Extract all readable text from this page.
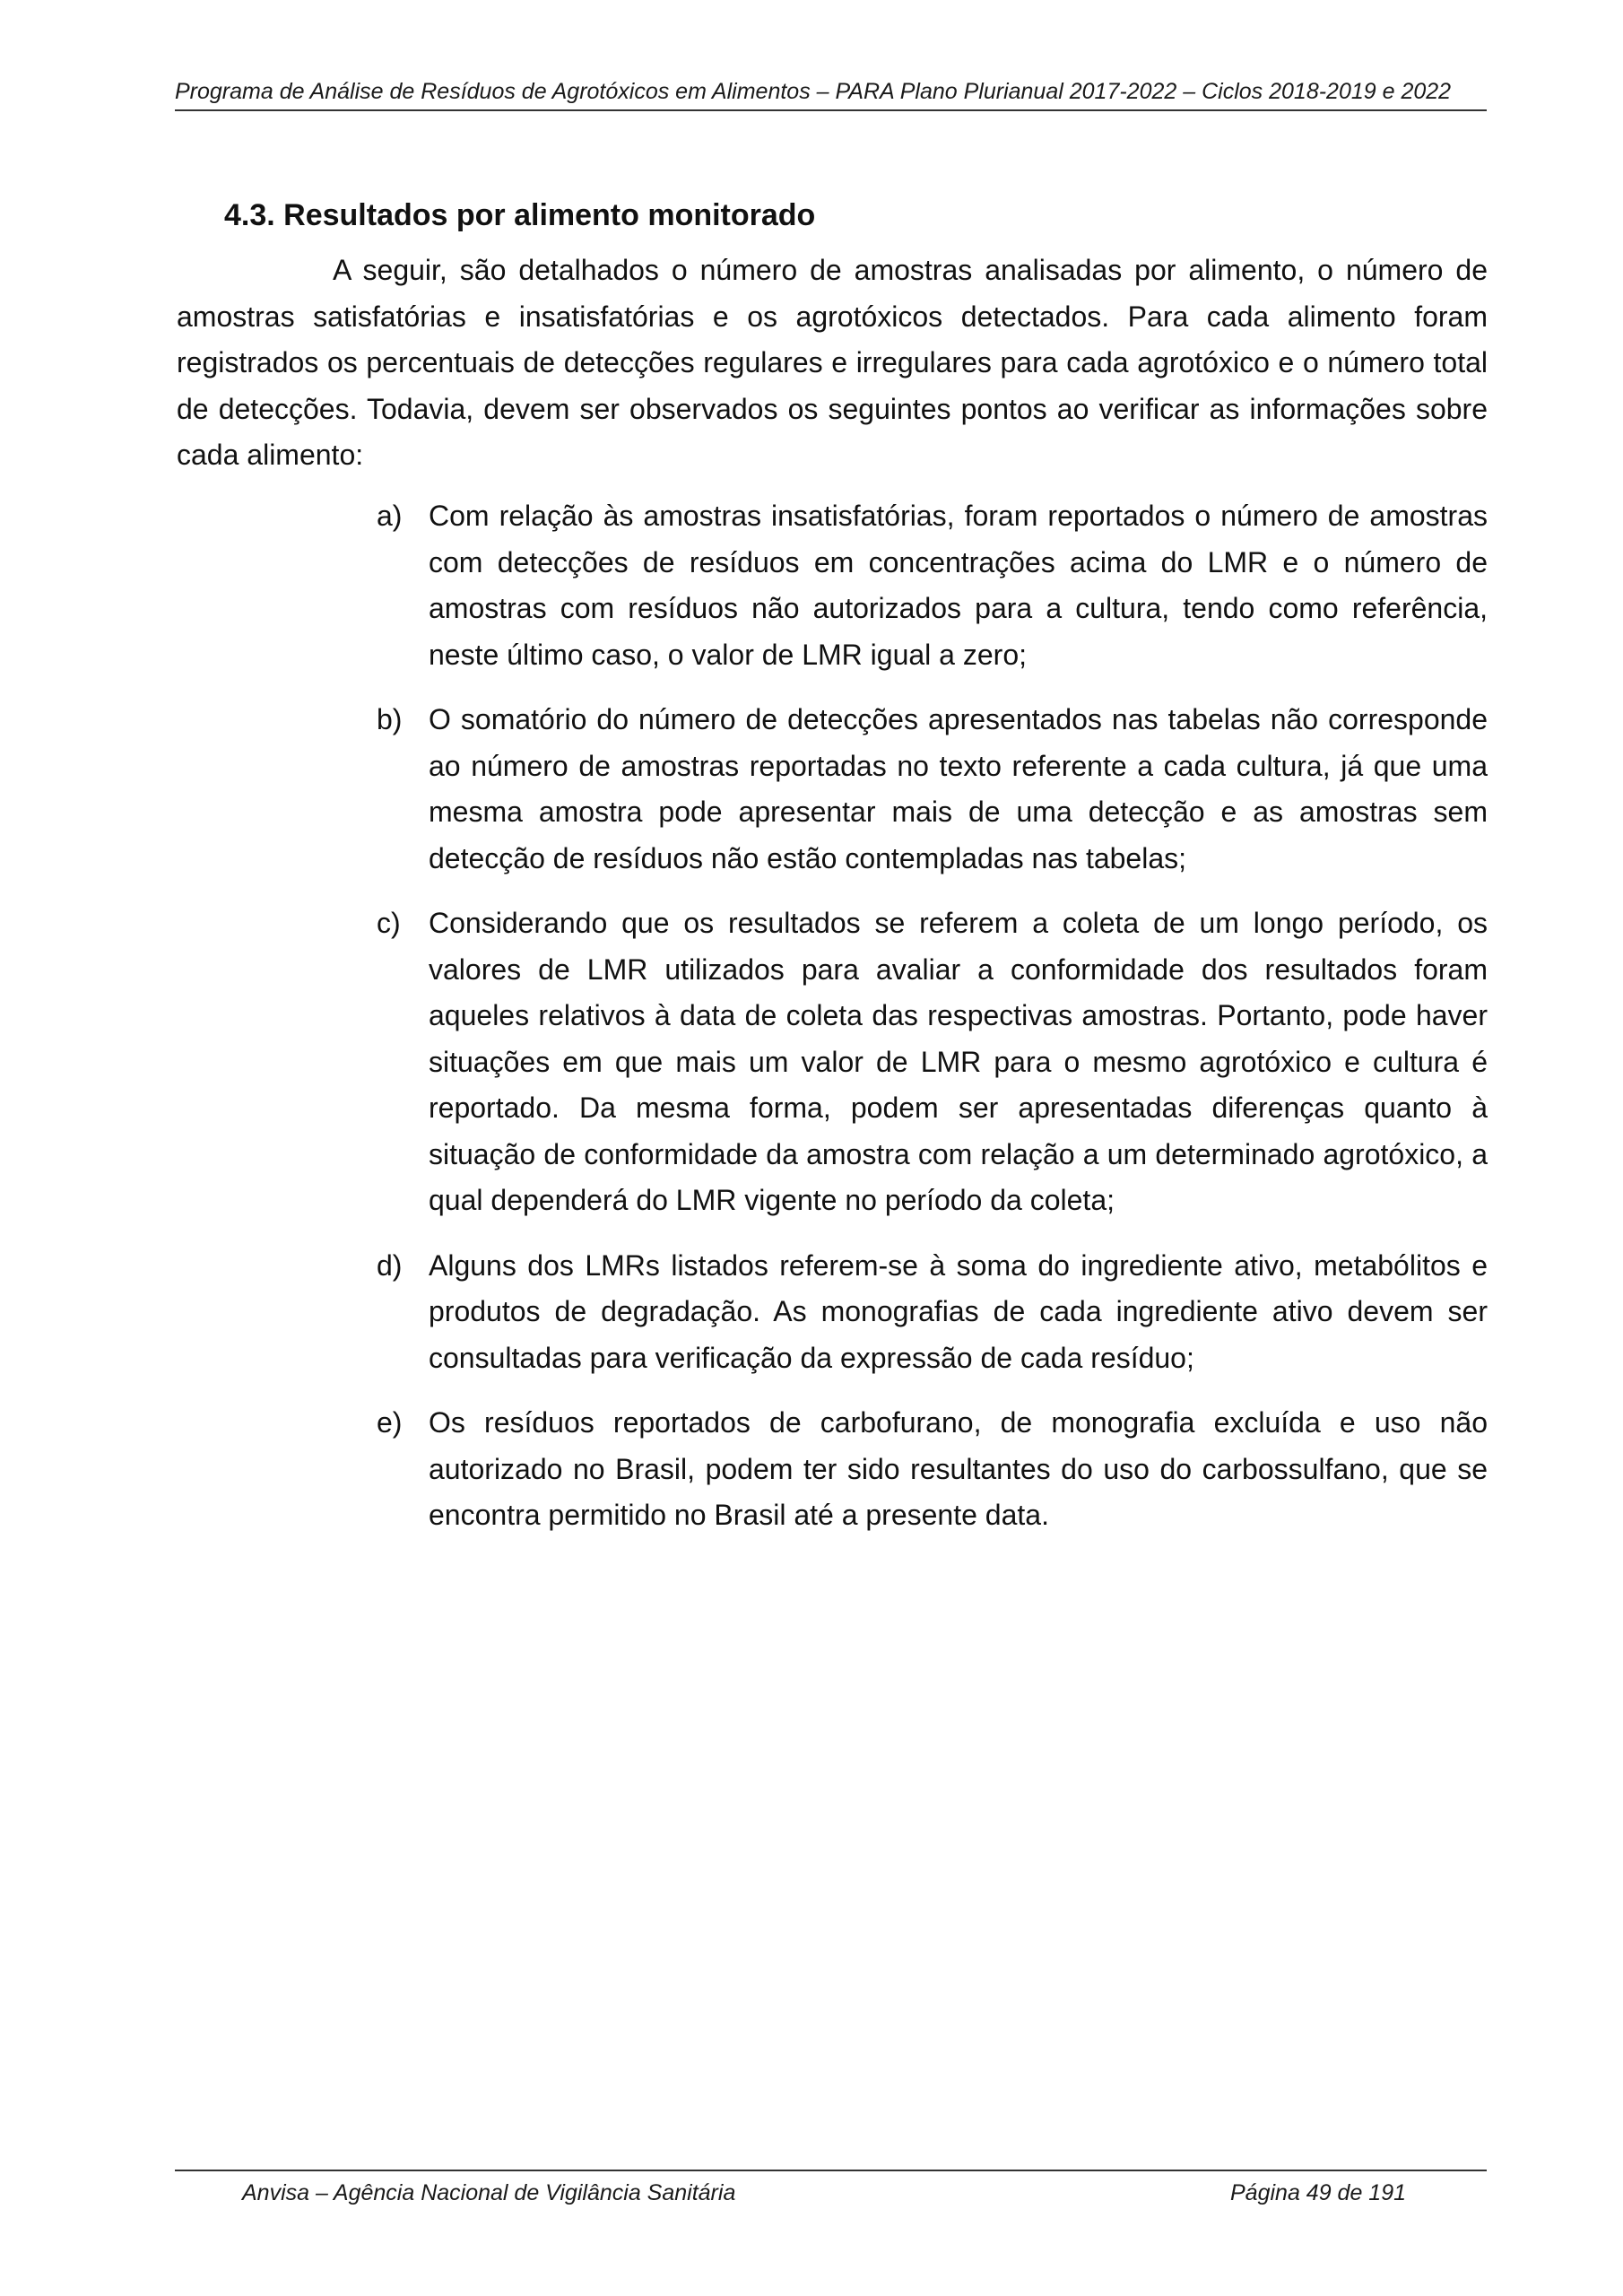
Programa de Análise de Resíduos de Agrotóxicos em Alimentos – PARA Plano Plurianual 2017-2022 – Ciclos 2018-2019 e 2022
4.3. Resultados por alimento monitorado

A seguir, são detalhados o número de amostras analisadas por alimento, o número de amostras satisfatórias e insatisfatórias e os agrotóxicos detectados. Para cada alimento foram registrados os percentuais de detecções regulares e irregulares para cada agrotóxico e o número total de detecções. Todavia, devem ser observados os seguintes pontos ao verificar as informações sobre cada alimento:

a) Com relação às amostras insatisfatórias, foram reportados o número de amostras com detecções de resíduos em concentrações acima do LMR e o número de amostras com resíduos não autorizados para a cultura, tendo como referência, neste último caso, o valor de LMR igual a zero;
b) O somatório do número de detecções apresentados nas tabelas não corresponde ao número de amostras reportadas no texto referente a cada cultura, já que uma mesma amostra pode apresentar mais de uma detecção e as amostras sem detecção de resíduos não estão contempladas nas tabelas;
c) Considerando que os resultados se referem a coleta de um longo período, os valores de LMR utilizados para avaliar a conformidade dos resultados foram aqueles relativos à data de coleta das respectivas amostras. Portanto, pode haver situações em que mais um valor de LMR para o mesmo agrotóxico e cultura é reportado. Da mesma forma, podem ser apresentadas diferenças quanto à situação de conformidade da amostra com relação a um determinado agrotóxico, a qual dependerá do LMR vigente no período da coleta;
d) Alguns dos LMRs listados referem-se à soma do ingrediente ativo, metabólitos e produtos de degradação. As monografias de cada ingrediente ativo devem ser consultadas para verificação da expressão de cada resíduo;
e) Os resíduos reportados de carbofurano, de monografia excluída e uso não autorizado no Brasil, podem ter sido resultantes do uso do carbossulfano, que se encontra permitido no Brasil até a presente data.
Anvisa – Agência Nacional de Vigilância Sanitária	Página 49 de 191
